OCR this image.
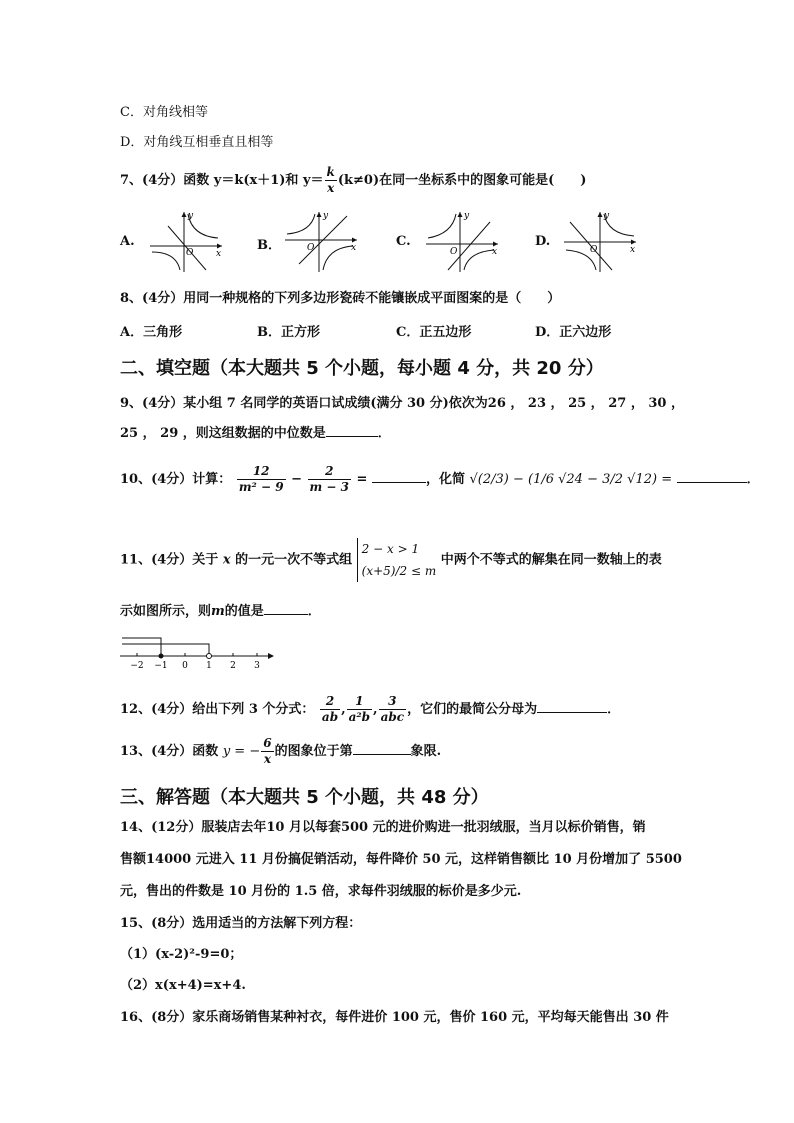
C．对角线相等
D．对角线互相垂直且相等
7、(4分）函数 y＝k(x＋1)和 $y= \frac{k}{x} (k\ne 0)$在同一坐标系中的图象可能是(　　)
A.
y
x
O	B．
y
x
O	C.
y
x
O
D.
y
x
O
8、(4分）用同一种规格的下列多边形瓷砖不能镶嵌成平面图案的是（　　）
A．三角形	B．正方形	C．正五边形	D．正六边形
二、填空题（本大题共 5 个小题，每小题 4 分，共 20 分）
9、(4分）某小组 7 名同学的英语口试成绩(满分 30 分)依次为26 ， 23 ， 25 ， 27 ， 30 ，
25 ， 29 ，则这组数据的中位数是	．
10、(4分）计算： $\frac{12}{\text{m² − 9}} - \frac{2}{m - 3}$ =	，化简 √(2/3) − (1/6 √24 − 3/2 √12) =	．
11、(4分）关于 x 的一元一次不等式组
2 − x > 1
(x+5)/2 ≤ m
中两个不等式的解集在同一数轴上的表
示如图所示，则m的值是	．
−2 −1 0 1 2 3
12、(4分）给出下列 3 个分式： $\frac{2}{ab}$ , $\frac{1}{\text{a²b}}$ , $\frac{3}{\text{abc}}$ ，它们的最简公分母为	．
13、(4分）函数 y = − $\frac{6}{x}$ 的图象位于第	象限.
三、解答题（本大题共 5 个小题，共 48 分）
14、(12分）服装店去年10 月以每套500 元的进价购进一批羽绒服，当月以标价销售，销
售额14000 元进入 11 月份搞促销活动，每件降价 50 元，这样销售额比 10 月份增加了 5500
元，售出的件数是 10 月份的 1.5 倍，求每件羽绒服的标价是多少元.
15、(8分）选用适当的方法解下列方程：
（1）(x-2)²-9=0；
（2）x(x+4)=x+4.
16、(8分）家乐商场销售某种衬衣，每件进价 100 元，售价 160 元，平均每天能售出 30 件
